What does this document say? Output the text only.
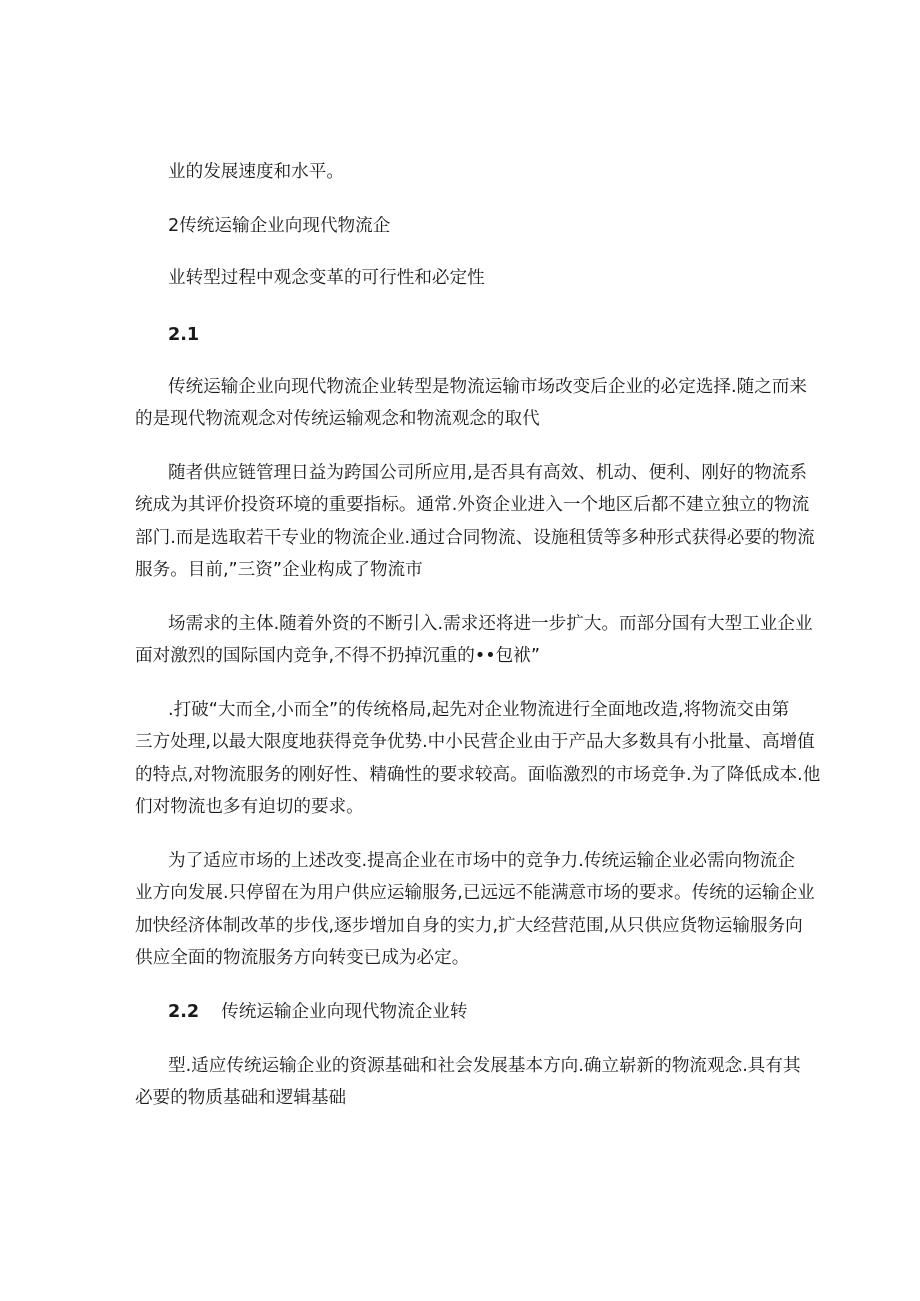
业的发展速度和水平。
2传统运输企业向现代物流企
业转型过程中观念变革的可行性和必定性
2.1
传统运输企业向现代物流企业转型是物流运输市场改变后企业的必定选择.随之而来
的是现代物流观念对传统运输观念和物流观念的取代
随者供应链管理日益为跨国公司所应用,是否具有高效、机动、便利、刚好的物流系
统成为其评价投资环境的重要指标。通常.外资企业进入一个地区后都不建立独立的物流
部门.而是选取若干专业的物流企业.通过合同物流、设施租赁等多种形式获得必要的物流
服务。目前,”三资”企业构成了物流市
场需求的主体.随着外资的不断引入.需求还将进一步扩大。而部分国有大型工业企业
面对激烈的国际国内竞争,不得不扔掉沉重的••包袱”
.打破“大而全,小而全”的传统格局,起先对企业物流进行全面地改造,将物流交由第
三方处理,以最大限度地获得竞争优势.中小民营企业由于产品大多数具有小批量、高增值
的特点,对物流服务的刚好性、精确性的要求较高。面临激烈的市场竞争.为了降低成本.他
们对物流也多有迫切的要求。
为了适应市场的上述改变.提高企业在市场中的竞争力.传统运输企业必需向物流企
业方向发展.只停留在为用户供应运输服务,已远远不能满意市场的要求。传统的运输企业
加快经济体制改革的步伐,逐步增加自身的实力,扩大经营范围,从只供应货物运输服务向
供应全面的物流服务方向转变已成为必定。
2.2 传统运输企业向现代物流企业转
型.适应传统运输企业的资源基础和社会发展基本方向.确立崭新的物流观念.具有其
必要的物质基础和逻辑基础
